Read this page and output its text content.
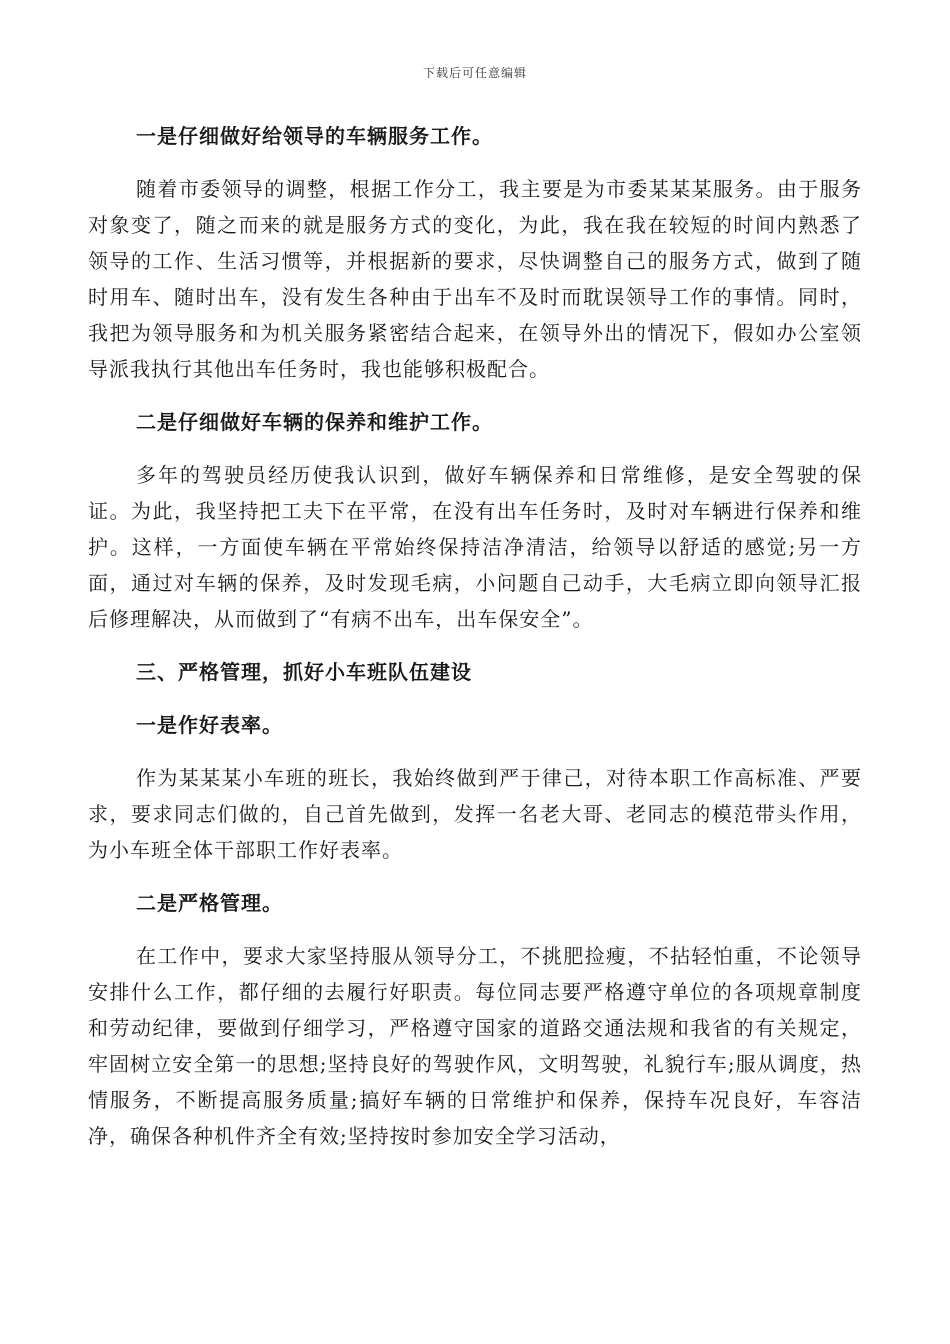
下载后可任意编辑

一是仔细做好给领导的车辆服务工作。

随着市委领导的调整，根据工作分工，我主要是为市委某某某服务。由于服务对象变了，随之而来的就是服务方式的变化，为此，我在我在较短的时间内熟悉了领导的工作、生活习惯等，并根据新的要求，尽快调整自己的服务方式，做到了随时用车、随时出车，没有发生各种由于出车不及时而耽误领导工作的事情。同时，我把为领导服务和为机关服务紧密结合起来，在领导外出的情况下，假如办公室领导派我执行其他出车任务时，我也能够积极配合。

二是仔细做好车辆的保养和维护工作。

多年的驾驶员经历使我认识到，做好车辆保养和日常维修，是安全驾驶的保证。为此，我坚持把工夫下在平常，在没有出车任务时，及时对车辆进行保养和维护。这样，一方面使车辆在平常始终保持洁净清洁，给领导以舒适的感觉;另一方面，通过对车辆的保养，及时发现毛病，小问题自己动手，大毛病立即向领导汇报后修理解决，从而做到了“有病不出车，出车保安全”。

三、严格管理，抓好小车班队伍建设

一是作好表率。

作为某某某小车班的班长，我始终做到严于律己，对待本职工作高标准、严要求，要求同志们做的，自己首先做到，发挥一名老大哥、老同志的模范带头作用，为小车班全体干部职工作好表率。

二是严格管理。

在工作中，要求大家坚持服从领导分工，不挑肥捡瘦，不拈轻怕重，不论领导安排什么工作，都仔细的去履行好职责。每位同志要严格遵守单位的各项规章制度和劳动纪律，要做到仔细学习，严格遵守国家的道路交通法规和我省的有关规定，牢固树立安全第一的思想;坚持良好的驾驶作风，文明驾驶，礼貌行车;服从调度，热情服务，不断提高服务质量;搞好车辆的日常维护和保养，保持车况良好，车容洁净，确保各种机件齐全有效;坚持按时参加安全学习活动，
